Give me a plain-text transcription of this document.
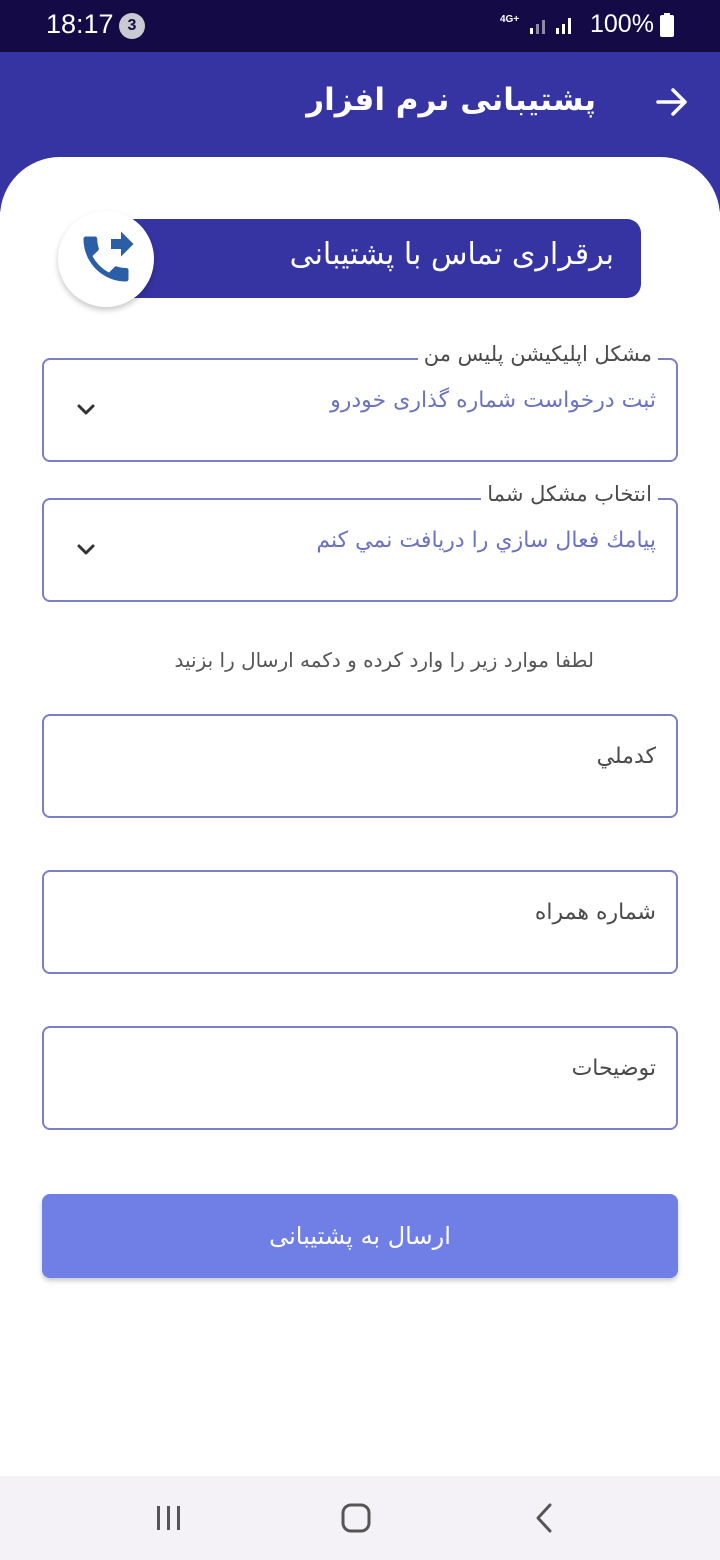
18:17 3	4G+	100%
پشتیبانی نرم افزار
برقراری تماس با پشتیبانی
مشکل اپلیکیشن پلیس من
ثبت درخواست شماره گذاری خودرو
انتخاب مشکل شما
پیامك فعال سازي را دريافت نمي كنم

لطفا موارد زیر را وارد کرده و دکمه ارسال را بزنید

کدملي
شماره همراه
توضیحات
ارسال به پشتیبانی
